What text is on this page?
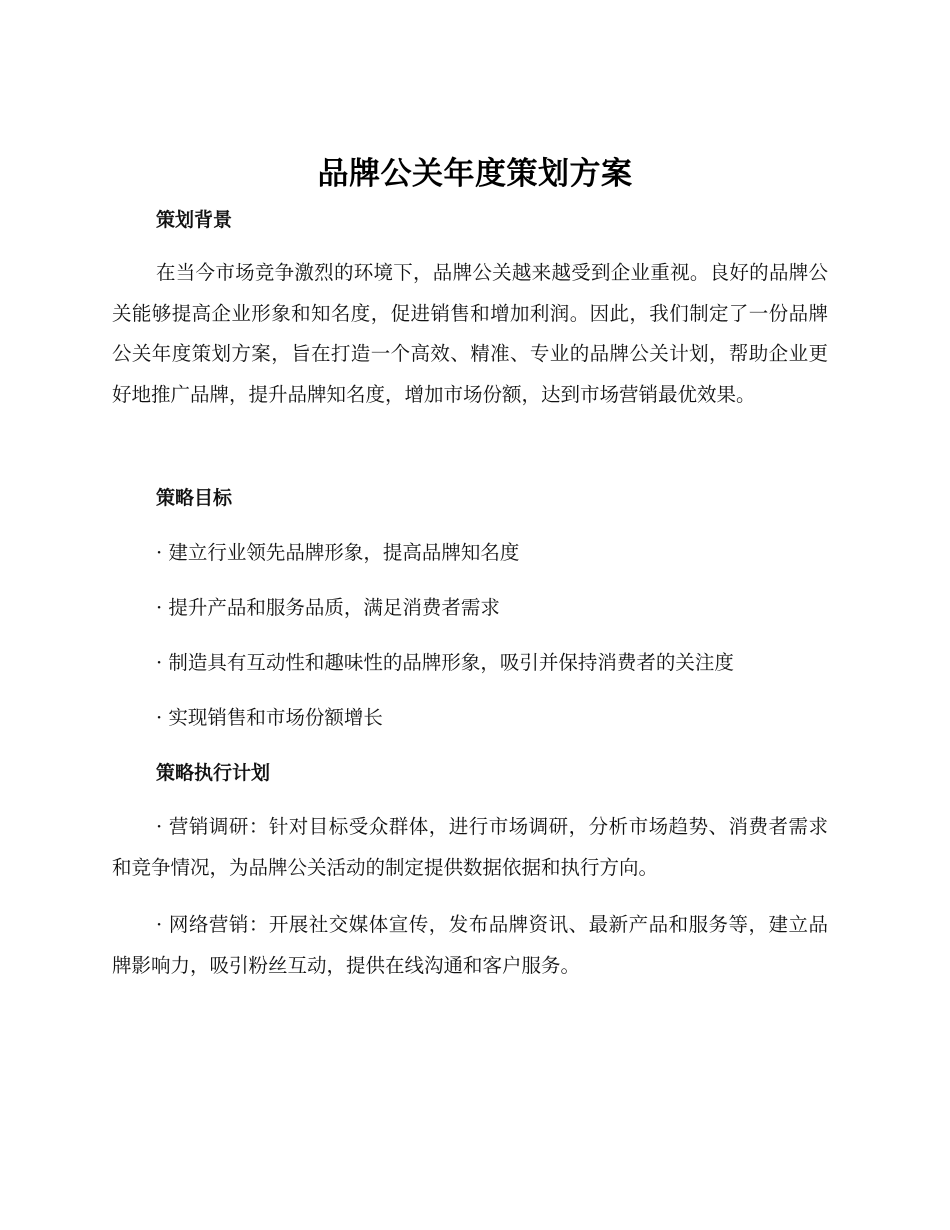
品牌公关年度策划方案
策划背景

在当今市场竞争激烈的环境下，品牌公关越来越受到企业重视。良好的品牌公关能够提高企业形象和知名度，促进销售和增加利润。因此，我们制定了一份品牌公关年度策划方案，旨在打造一个高效、精准、专业的品牌公关计划，帮助企业更好地推广品牌，提升品牌知名度，增加市场份额，达到市场营销最优效果。

策略目标
· 建立行业领先品牌形象，提高品牌知名度
· 提升产品和服务品质，满足消费者需求
· 制造具有互动性和趣味性的品牌形象，吸引并保持消费者的关注度
· 实现销售和市场份额增长
策略执行计划

· 营销调研：针对目标受众群体，进行市场调研，分析市场趋势、消费者需求和竞争情况，为品牌公关活动的制定提供数据依据和执行方向。

· 网络营销：开展社交媒体宣传，发布品牌资讯、最新产品和服务等，建立品牌影响力，吸引粉丝互动，提供在线沟通和客户服务。
